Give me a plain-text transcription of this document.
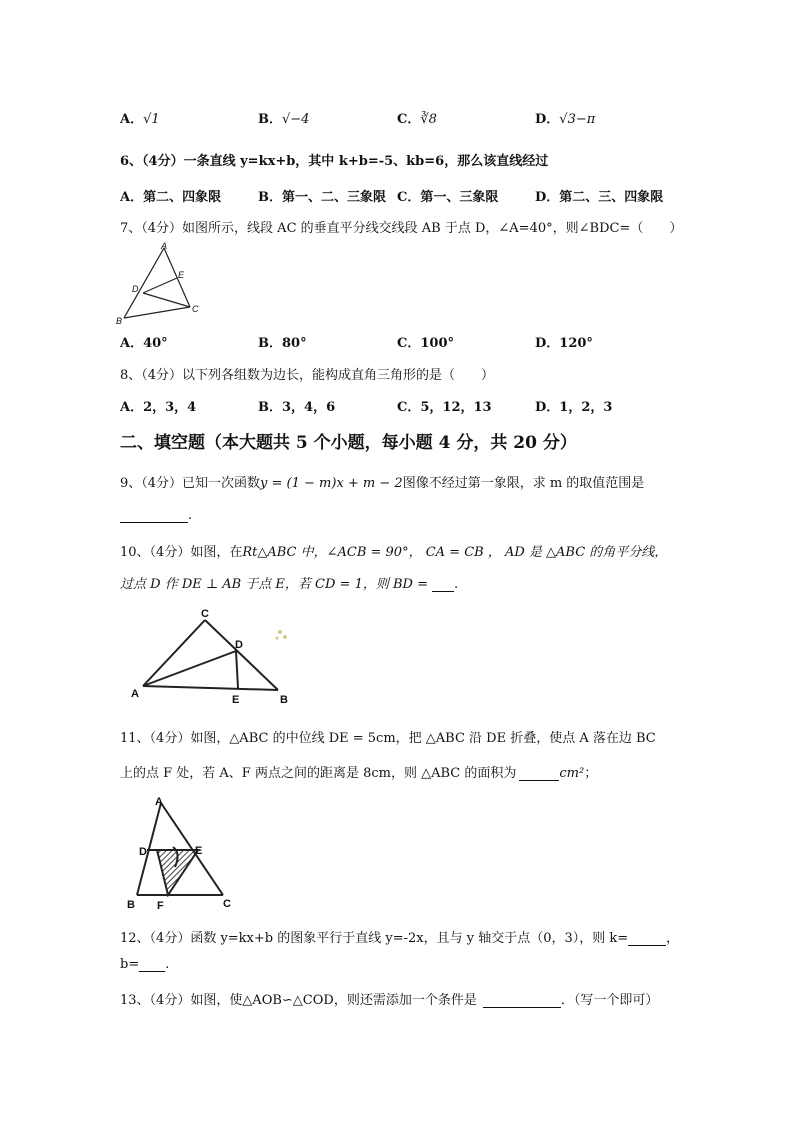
A．√1	B．√−4	C．∛8	D．√3−π
6、（4分）一条直线 y=kx+b，其中 k+b=-5、kb=6，那么该直线经过
A．第二、四象限	B．第一、二、三象限 C．第一、三象限	D．第二、三、四象限
7、（4分）如图所示，线段 AC 的垂直平分线交线段 AB 于点 D，∠A=40°，则∠BDC=（　　）
A
B
C
D
E
A．40°	B．80°	C．100°	D．120°
8、（4分）以下列各组数为边长，能构成直角三角形的是（　　）
A．2，3，4	B．3，4，6	C．5，12，13	D．1，2，3
二、填空题（本大题共 5 个小题，每小题 4 分，共 20 分）
9、（4分）已知一次函数y = (1 − m)x + m − 2图像不经过第一象限，求 m 的取值范围是
.
10、（4分）如图，在Rt△ABC 中，∠ACB = 90°， CA = CB ， AD 是 △ABC 的角平分线，
过点 D 作 DE ⊥ AB 于点 E，若 CD = 1，则 BD = .
C
A	B
D
E
11、（4分）如图，△ABC 的中位线 DE = 5cm，把 △ABC 沿 DE 折叠，使点 A 落在边 BC
上的点 F 处，若 A、F 两点之间的距离是 8cm，则 △ABC 的面积为	cm²；
A
B	C
D	E
F
12、（4分）函数 y=kx+b 的图象平行于直线 y=-2x，且与 y 轴交于点（0，3），则 k=	，
b= .
13、（4分）如图，使△AOB∽△COD，则还需添加一个条件是	．（写一个即可）
